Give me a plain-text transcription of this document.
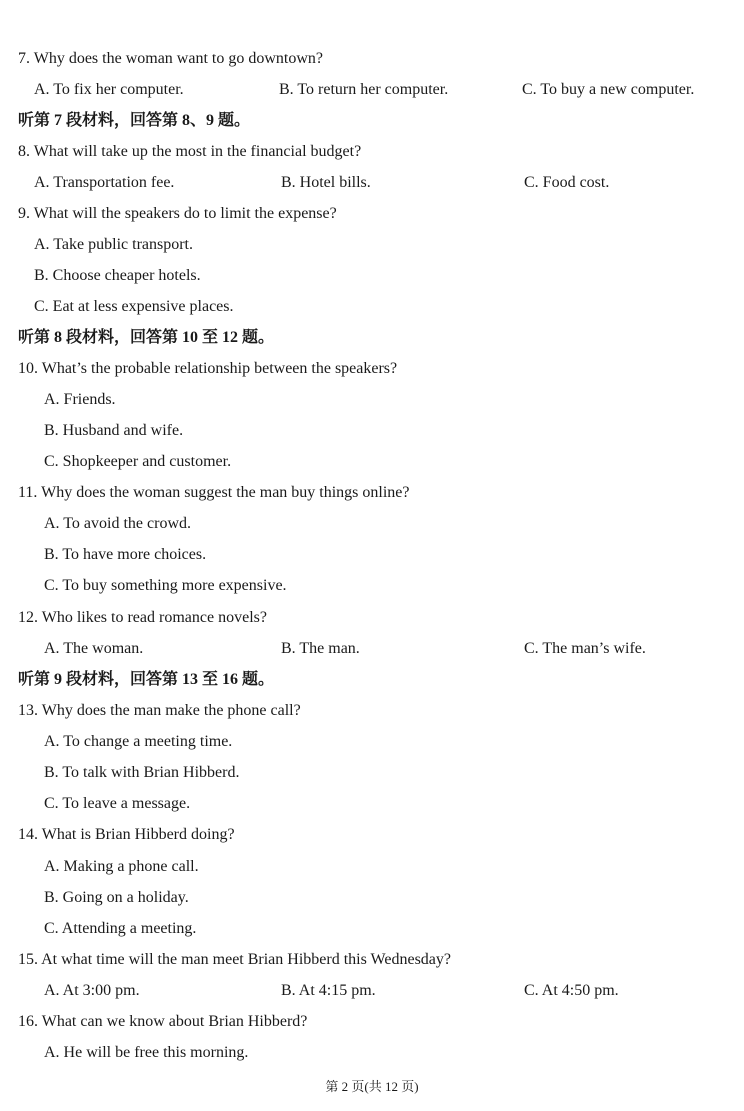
7. Why does the woman want to go downtown?
A. To fix her computer.	B. To return her computer.	C. To buy a new computer.
听第 7 段材料，回答第 8、9 题。
8. What will take up the most in the financial budget?
A. Transportation fee.	B. Hotel bills.	C. Food cost.
9. What will the speakers do to limit the expense?
A. Take public transport.
B. Choose cheaper hotels.
C. Eat at less expensive places.
听第 8 段材料，回答第 10 至 12 题。
10. What’s the probable relationship between the speakers?
A. Friends.
B. Husband and wife.
C. Shopkeeper and customer.
11. Why does the woman suggest the man buy things online?
A. To avoid the crowd.
B. To have more choices.
C. To buy something more expensive.
12. Who likes to read romance novels?
A. The woman.	B. The man.	C. The man’s wife.
听第 9 段材料，回答第 13 至 16 题。
13. Why does the man make the phone call?
A. To change a meeting time.
B. To talk with Brian Hibberd.
C. To leave a message.
14. What is Brian Hibberd doing?
A. Making a phone call.
B. Going on a holiday.
C. Attending a meeting.
15. At what time will the man meet Brian Hibberd this Wednesday?
A. At 3:00 pm.	B. At 4:15 pm.	C. At 4:50 pm.
16. What can we know about Brian Hibberd?
A. He will be free this morning.
第 2 页(共 12 页)
